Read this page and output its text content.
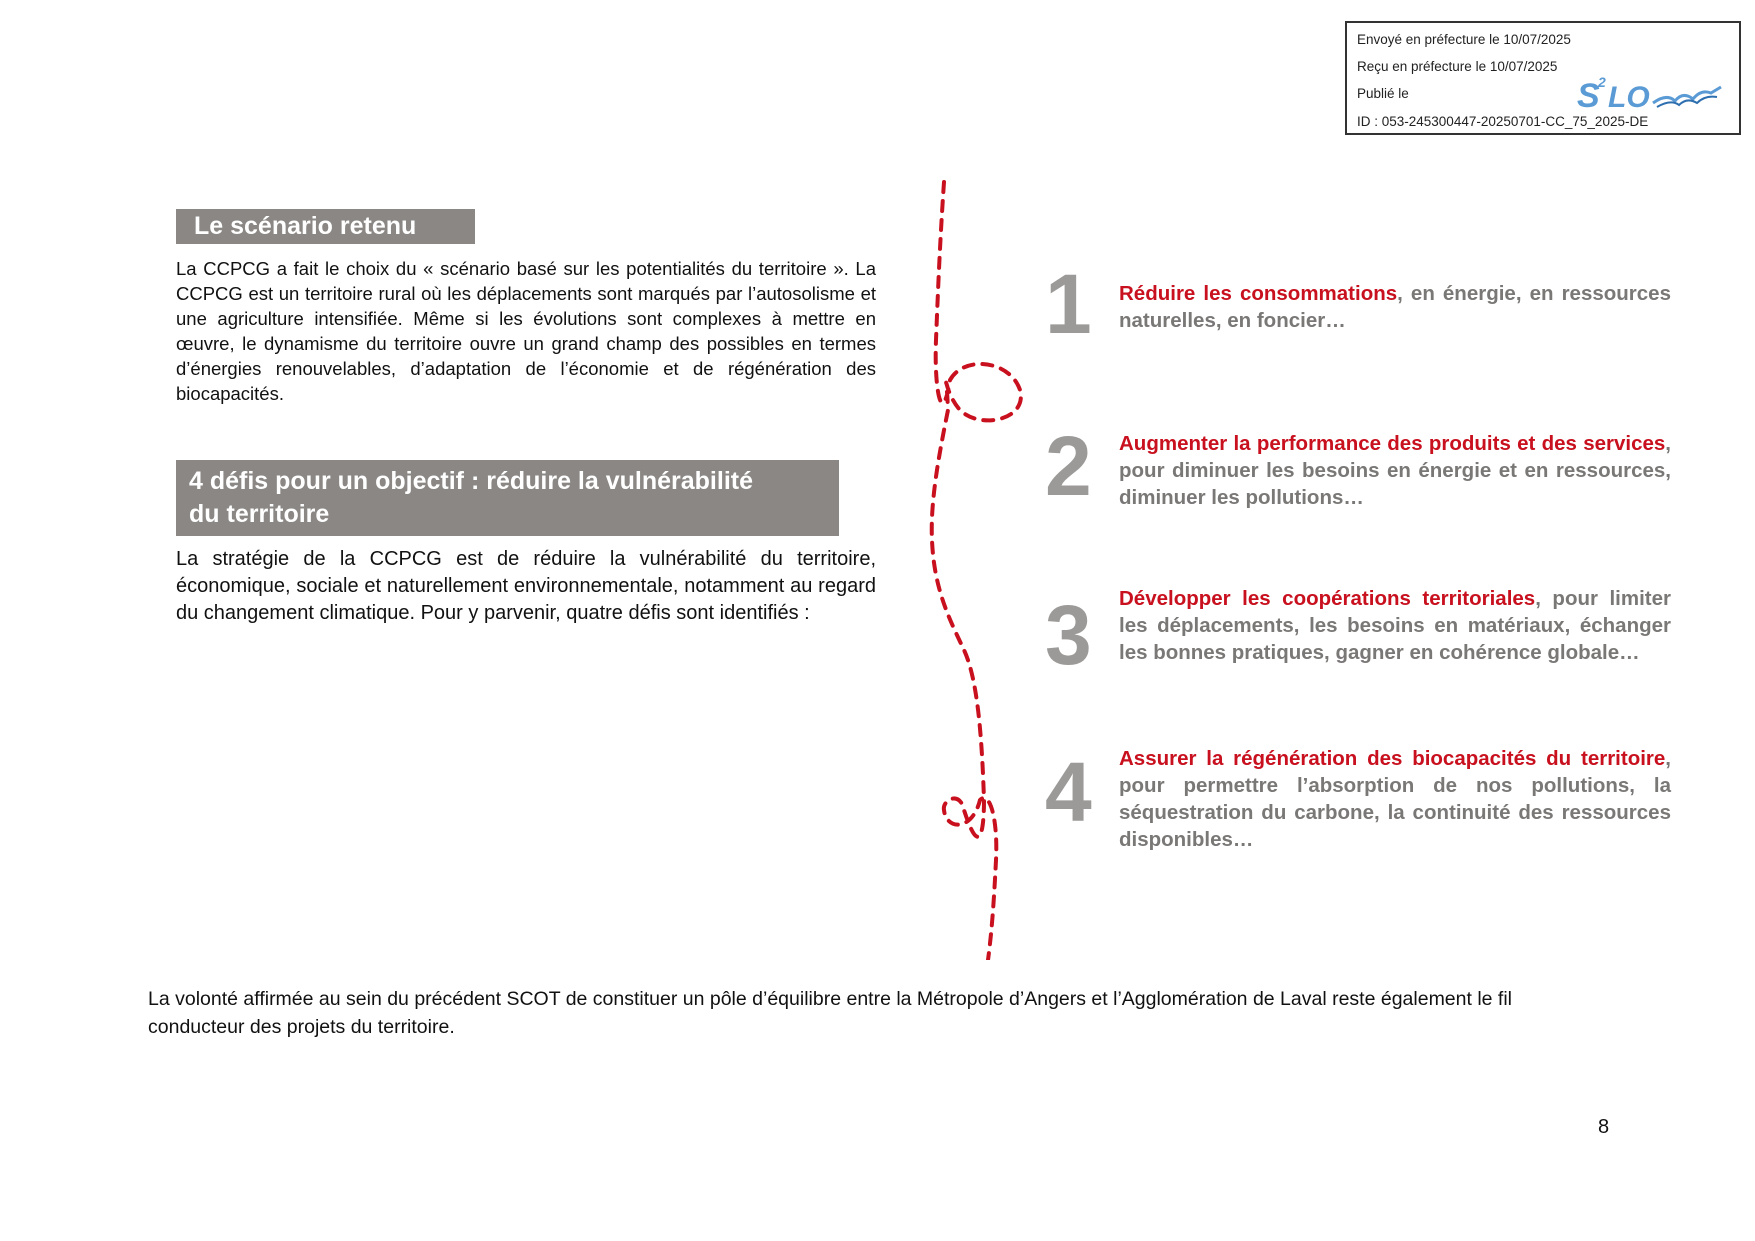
Envoyé en préfecture le 10/07/2025
Reçu en préfecture le 10/07/2025
Publié le
ID : 053-245300447-20250701-CC_75_2025-DE
S
2 LO
Le scénario retenu

La CCPCG a fait le choix du « scénario basé sur les potentialités du territoire ». La CCPCG est un territoire rural où les déplacements sont marqués par l’autosolisme et une agriculture intensifiée. Même si les évolutions sont complexes à mettre en œuvre, le dynamisme du territoire ouvre un grand champ des possibles en termes d’énergies renouvelables, d’adaptation de l’économie et de régénération des biocapacités.

4 défis pour un objectif : réduire la vulnérabilité
du territoire

La stratégie de la CCPCG est de réduire la vulnérabilité du territoire, économique, sociale et naturellement environnementale, notamment au regard du changement climatique. Pour y parvenir, quatre défis sont identifiés :

1 Réduire les consommations, en énergie, en ressources naturelles, en foncier…
2 Augmenter la performance des produits et des services, pour diminuer les besoins en énergie et en ressources, diminuer les pollutions…
3 Développer les coopérations territoriales, pour limiter les déplacements, les besoins en matériaux, échanger les bonnes pratiques, gagner en cohérence globale…
4 Assurer la régénération des biocapacités du territoire, pour permettre l’absorption de nos pollutions, la séquestration du carbone, la continuité des ressources disponibles…

La volonté affirmée au sein du précédent SCOT de constituer un pôle d’équilibre entre la Métropole d’Angers et l’Agglomération de Laval reste également le fil conducteur des projets du territoire.

8
